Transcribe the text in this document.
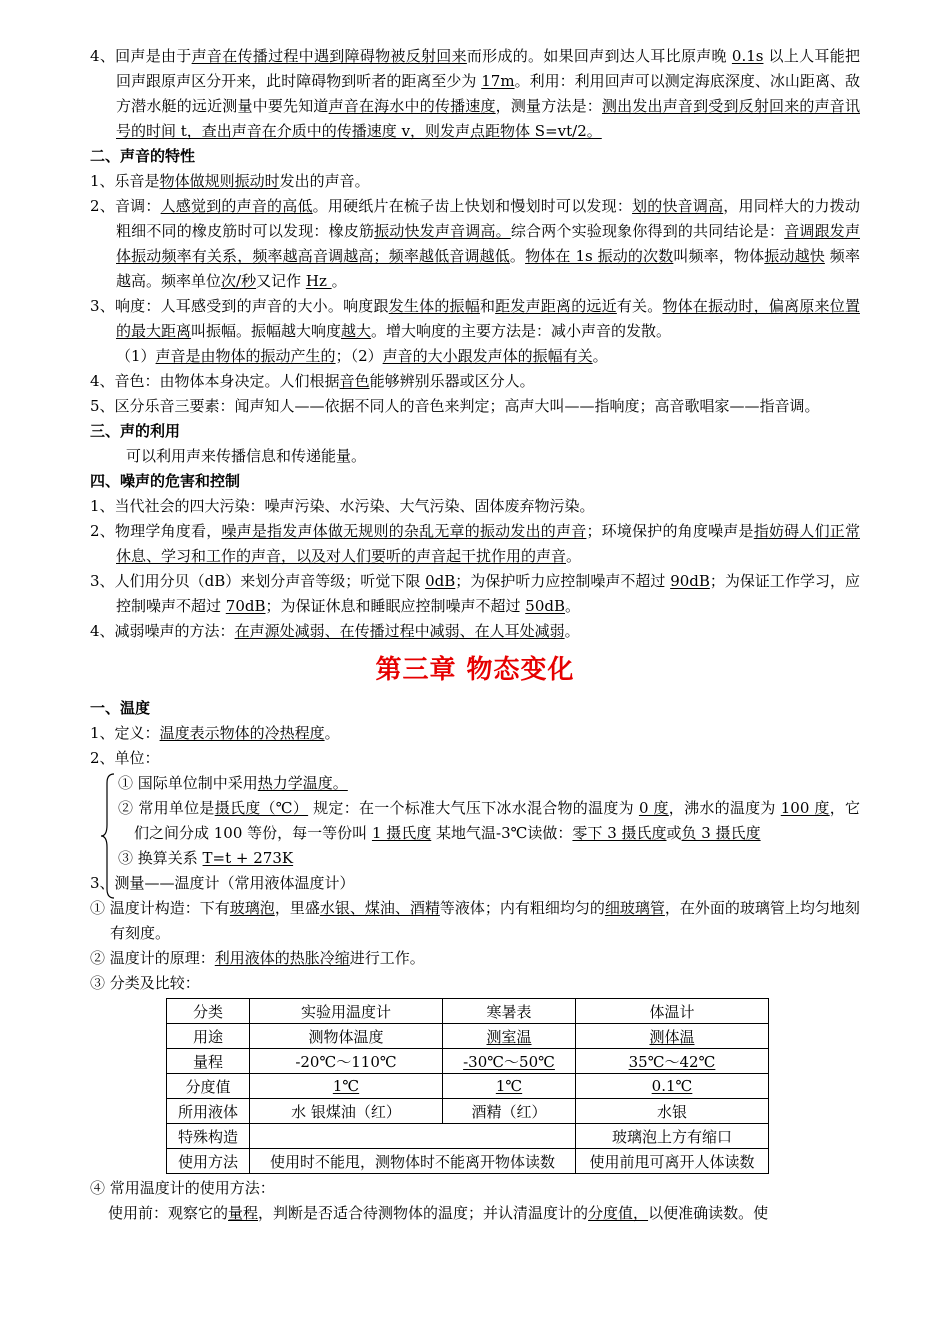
4、回声是由于声音在传播过程中遇到障碍物被反射回来而形成的。如果回声到达人耳比原声晚 0.1s 以上人耳能把回声跟原声区分开来，此时障碍物到听者的距离至少为 17m。利用：利用回声可以测定海底深度、冰山距离、敌方潜水艇的远近测量中要先知道声音在海水中的传播速度，测量方法是：测出发出声音到受到反射回来的声音讯号的时间 t，查出声音在介质中的传播速度 v，则发声点距物体 S=vt/2。

二、声音的特性

1、乐音是物体做规则振动时发出的声音。

2、音调：人感觉到的声音的高低。用硬纸片在梳子齿上快划和慢划时可以发现：划的快音调高，用同样大的力拨动粗细不同的橡皮筋时可以发现：橡皮筋振动快发声音调高。综合两个实验现象你得到的共同结论是：音调跟发声体振动频率有关系，频率越高音调越高；频率越低音调越低。物体在 1s 振动的次数叫频率，物体振动越快 频率越高。频率单位次/秒又记作 Hz 。

3、响度：人耳感受到的声音的大小。响度跟发生体的振幅和距发声距离的远近有关。物体在振动时，偏离原来位置的最大距离叫振幅。振幅越大响度越大。增大响度的主要方法是：减小声音的发散。

（1）声音是由物体的振动产生的；（2）声音的大小跟发声体的振幅有关。

4、音色：由物体本身决定。人们根据音色能够辨别乐器或区分人。

5、区分乐音三要素：闻声知人——依据不同人的音色来判定；高声大叫——指响度；高音歌唱家——指音调。

三、声的利用

可以利用声来传播信息和传递能量。

四、噪声的危害和控制

1、当代社会的四大污染：噪声污染、水污染、大气污染、固体废弃物污染。

2、物理学角度看，噪声是指发声体做无规则的杂乱无章的振动发出的声音；环境保护的角度噪声是指妨碍人们正常休息、学习和工作的声音，以及对人们要听的声音起干扰作用的声音。

3、人们用分贝（dB）来划分声音等级；听觉下限 0dB；为保护听力应控制噪声不超过 90dB；为保证工作学习，应控制噪声不超过 70dB；为保证休息和睡眠应控制噪声不超过 50dB。

4、减弱噪声的方法：在声源处减弱、在传播过程中减弱、在人耳处减弱。

第三章 物态变化

一、温度

1、定义：温度表示物体的冷热程度。

2、单位：

① 国际单位制中采用热力学温度。

② 常用单位是摄氏度（℃） 规定：在一个标准大气压下冰水混合物的温度为 0 度，沸水的温度为 100 度，它们之间分成 100 等份，每一等份叫 1 摄氏度 某地气温-3℃读做：零下 3 摄氏度或负 3 摄氏度

③ 换算关系 T=t + 273K

3、测量——温度计（常用液体温度计）

① 温度计构造：下有玻璃泡，里盛水银、煤油、酒精等液体；内有粗细均匀的细玻璃管，在外面的玻璃管上均匀地刻有刻度。

② 温度计的原理：利用液体的热胀冷缩进行工作。

③ 分类及比较：

分类	实验用温度计	寒暑表	体温计
用途	测物体温度	测室温	测体温
量程	-20℃～110℃	-30℃～50℃	35℃～42℃
分度值	1℃	1℃	0.1℃
所用液体	水 银煤油（红）	酒精（红）	水银
特殊构造			玻璃泡上方有缩口
使用方法	使用时不能甩，测物体时不能离开物体读数		使用前甩可离开人体读数

④ 常用温度计的使用方法：

使用前：观察它的量程，判断是否适合待测物体的温度；并认清温度计的分度值，以便准确读数。使
